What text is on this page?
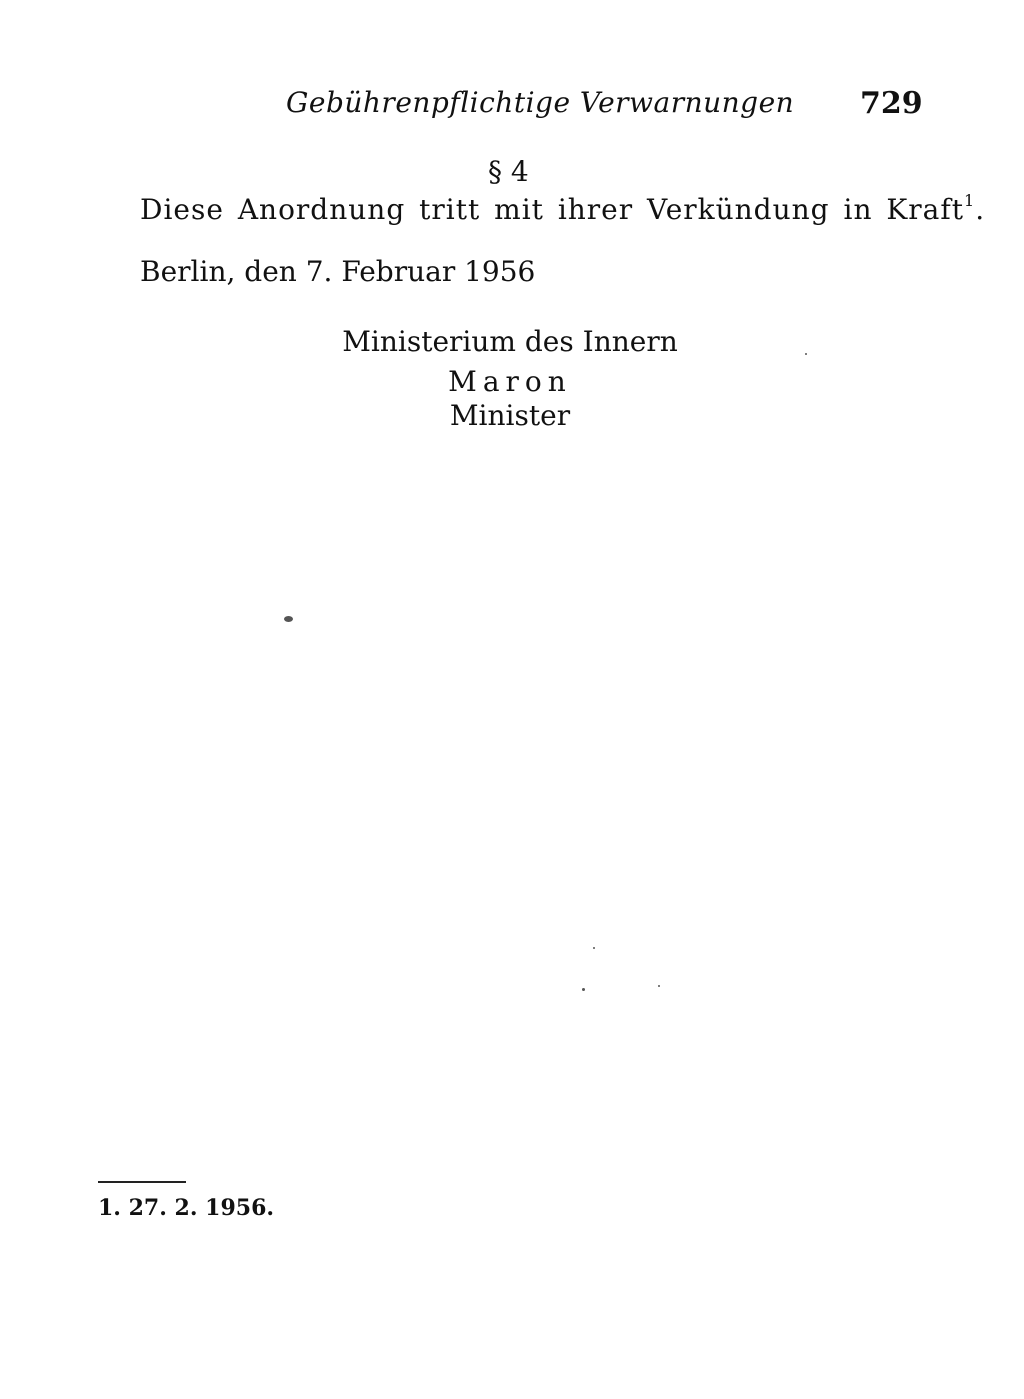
Gebührenpflichtige Verwarnungen 729
§ 4
Diese Anordnung tritt mit ihrer Verkündung in Kraft$^1$.
Berlin, den 7. Februar 1956
Ministerium des Innern
Maron
Minister
1. 27. 2. 1956.
